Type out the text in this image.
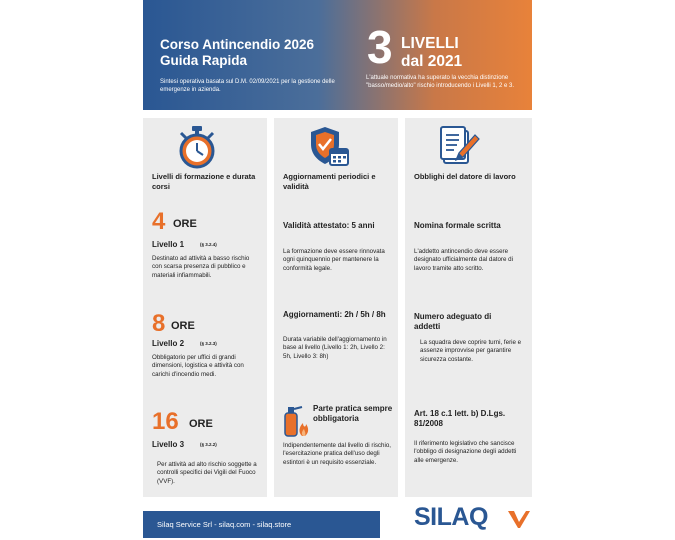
Corso Antincendio 2026
Guida Rapida
Sintesi operativa basata sul D.M. 02/09/2021 per la gestione delle emergenze in azienda.
3 LIVELLI
dal 2021
L'attuale normativa ha superato la vecchia distinzione "basso/medio/alto" rischio introducendo i Livelli 1, 2 e 3.
Livelli di formazione e durata corsi
4 ORE
Livello 1	(§ 3.2.4)
Destinato ad attività a basso rischio con scarsa presenza di pubblico e materiali infiammabili.
8 ORE
Livello 2	(§ 3.2.3)
Obbligatorio per uffici di grandi dimensioni, logistica e attività con carichi d'incendio medi.
16 ORE
Livello 3	(§ 3.2.2)
Per attività ad alto rischio soggette a controlli specifici dei Vigili del Fuoco (VVF).
Aggiornamenti periodici e validità
Validità attestato: 5 anni
La formazione deve essere rinnovata ogni quinquennio per mantenere la conformità legale.
Aggiornamenti: 2h / 5h / 8h
Durata variabile dell'aggiornamento in base al livello (Livello 1: 2h, Livello 2: 5h, Livello 3: 8h)
Parte pratica sempre obbligatoria
Indipendentemente dal livello di rischio, l'esercitazione pratica dell'uso degli estintori è un requisito essenziale.
Obblighi del datore di lavoro
Nomina formale scritta
L'addetto antincendio deve essere designato ufficialmente dal datore di lavoro tramite atto scritto.
Numero adeguato di addetti
La squadra deve coprire turni, ferie e assenze improvvise per garantire sicurezza costante.
Art. 18 c.1 lett. b) D.Lgs. 81/2008
Il riferimento legislativo che sancisce l'obbligo di designazione degli addetti alle emergenze.
Silaq Service Srl - silaq.com - silaq.store	SILAQ
